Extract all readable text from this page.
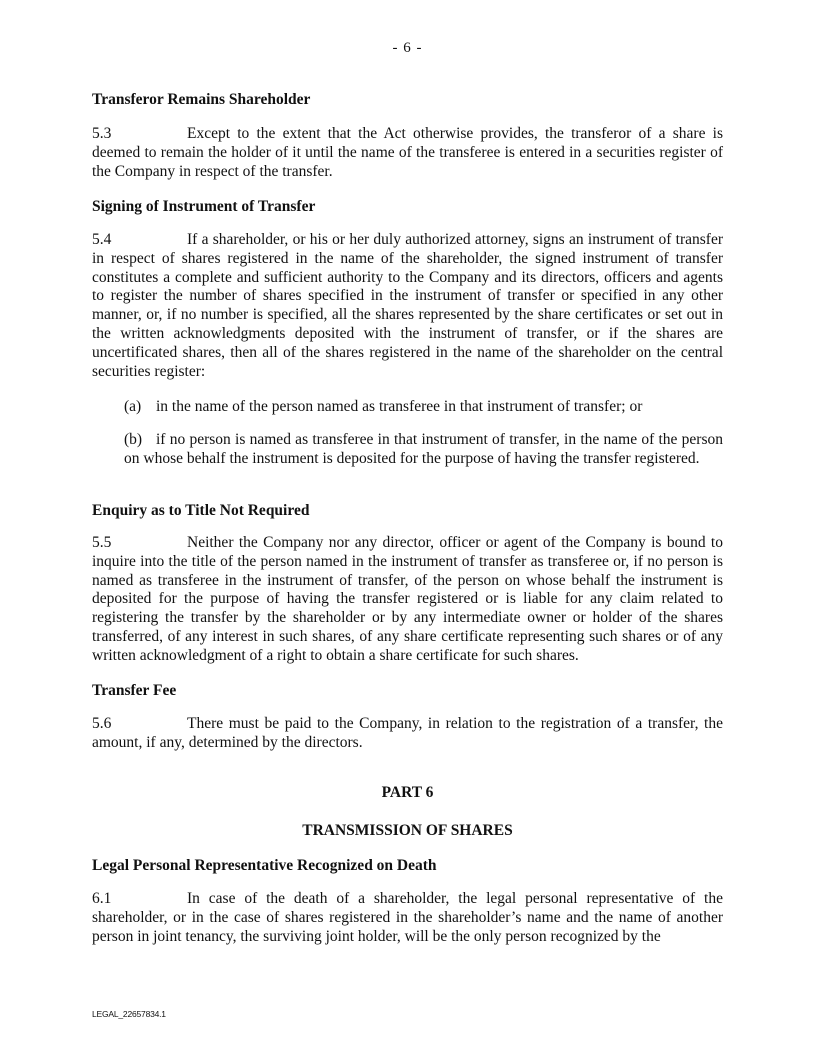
- 6 -
Transferor Remains Shareholder
5.3	Except to the extent that the Act otherwise provides, the transferor of a share is deemed to remain the holder of it until the name of the transferee is entered in a securities register of the Company in respect of the transfer.
Signing of Instrument of Transfer
5.4	If a shareholder, or his or her duly authorized attorney, signs an instrument of transfer in respect of shares registered in the name of the shareholder, the signed instrument of transfer constitutes a complete and sufficient authority to the Company and its directors, officers and agents to register the number of shares specified in the instrument of transfer or specified in any other manner, or, if no number is specified, all the shares represented by the share certificates or set out in the written acknowledgments deposited with the instrument of transfer, or if the shares are uncertificated shares, then all of the shares registered in the name of the shareholder on the central securities register:
(a) in the name of the person named as transferee in that instrument of transfer; or
(b) if no person is named as transferee in that instrument of transfer, in the name of the person on whose behalf the instrument is deposited for the purpose of having the transfer registered.
Enquiry as to Title Not Required
5.5	Neither the Company nor any director, officer or agent of the Company is bound to inquire into the title of the person named in the instrument of transfer as transferee or, if no person is named as transferee in the instrument of transfer, of the person on whose behalf the instrument is deposited for the purpose of having the transfer registered or is liable for any claim related to registering the transfer by the shareholder or by any intermediate owner or holder of the shares transferred, of any interest in such shares, of any share certificate representing such shares or of any written acknowledgment of a right to obtain a share certificate for such shares.
Transfer Fee
5.6	There must be paid to the Company, in relation to the registration of a transfer, the amount, if any, determined by the directors.
PART 6
TRANSMISSION OF SHARES
Legal Personal Representative Recognized on Death
6.1	In case of the death of a shareholder, the legal personal representative of the shareholder, or in the case of shares registered in the shareholder’s name and the name of another person in joint tenancy, the surviving joint holder, will be the only person recognized by the
LEGAL_22657834.1
